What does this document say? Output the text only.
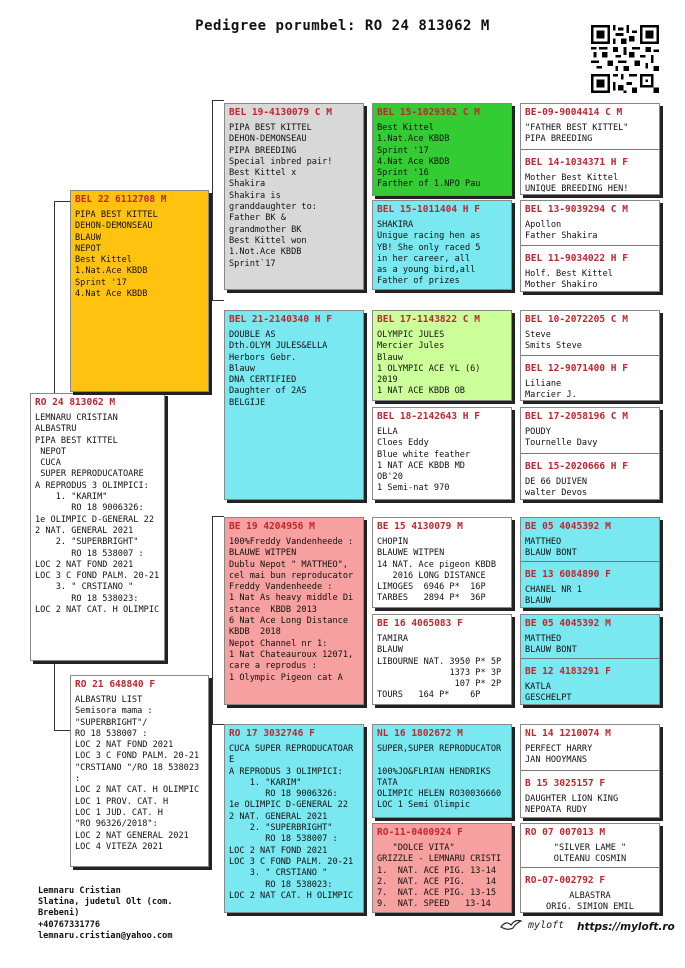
Pedigree porumbel: RO 24 813062 M
RO 24 813062 M
LEMNARU CRISTIAN
ALBASTRU
PIPA BEST KITTEL
NEPOT
CUCA
SUPER REPRODUCATOARE
A REPRODUS 3 OLIMPICI:
1. "KARIM"
RO 18 9006326:
1e OLIMPIC D-GENERAL 22
2 NAT. GENERAL 2021
2. "SUPERBRIGHT"
RO 18 538007 :
LOC 2 NAT FOND 2021
LOC 3 C FOND PALM. 20-21
3. " CRSTIANO "
RO 18 538023:
LOC 2 NAT CAT. H OLIMPIC
BEL 22 6112708 M
PIPA BEST KITTEL
DEHON-DEMONSEAU
BLAUW
NEPOT
Best Kittel
1.Nat.Ace KBDB
Sprint '17
4.Nat Ace KBDB
RO 21 648840 F
ALBASTRU LIST
Semisora mama :
"SUPERBRIGHT"/
RO 18 538007 :
LOC 2 NAT FOND 2021
LOC 3 C FOND PALM. 20-21
"CRSTIANO "/RO 18 538023
:
LOC 2 NAT CAT. H OLIMPIC
LOC 1 PROV. CAT. H
LOC 1 JUD. CAT. H
"RO 96326/2018":
LOC 2 NAT GENERAL 2021
LOC 4 VITEZA 2021
BEL 19-4130079 C M
PIPA BEST KITTEL
DEHON-DEMONSEAU
PIPA BREEDING
Special inbred pair!
Best Kittel x
Shakira
Shakira is
granddaughter to:
Father BK &
grandmother BK
Best Kittel won
1.Not.Ace KBDB
Sprint`17
BEL 21-2140340 H F
DOUBLE AS
Dth.OLYM JULES&ELLA
Herbors Gebr.
Blauw
DNA CERTIFIED
Daughter of 2AS
BELGIJE
BE 19 4204956 M
100%Freddy Vandenheede :
BLAUWE WITPEN
Dublu Nepot " MATTHEO",
cel mai bun reproducator
Freddy Vandenheede :
1 Nat As heavy middle Di
stance  KBDB 2013
6 Nat Ace Long Distance
KBDB  2018
Nepot Channel nr 1:
1 Nat Chateauroux 12071,
care a reprodus :
1 Olympic Pigeon cat A
RO 17 3032746 F
CUCA SUPER REPRODUCATOAR
E
A REPRODUS 3 OLIMPICI:
1. "KARIM"
RO 18 9006326:
1e OLIMPIC D-GENERAL 22
2 NAT. GENERAL 2021
2. "SUPERBRIGHT"
RO 18 538007 :
LOC 2 NAT FOND 2021
LOC 3 C FOND PALM. 20-21
3. " CRSTIANO "
RO 18 538023:
LOC 2 NAT CAT. H OLIMPIC
BEL 15-1029362 C M
Best Kittel
1.Nat.Ace KBDB
Sprint '17
4.Nat Ace KBDB
Sprint '16
Farther of 1.NPO Pau
BEL 15-1011404 H F
SHAKIRA
Unigue racing hen as
YB! She only raced 5
in her career, all
as a young bird,all
Father of prizes
BEL 17-1143822 C M
OLYMPIC JULES
Mercier Jules
Blauw
1 OLYMPIC ACE YL (6)
2019
1 NAT ACE KBDB OB
BEL 18-2142643 H F
ELLA
Cloes Eddy
Blue white feather
1 NAT ACE KBDB MD
OB'20
1 Semi-nat 970
BE 15 4130079 M
CHOPIN
BLAUWE WITPEN
14 NAT. Ace pigeon KBDB
2016 LONG DISTANCE
LIMOGES  6946 P*  16P
TARBES   2894 P*  36P
BE 16 4065083 F
TAMIRA
BLAUW
LIBOURNE NAT. 3950 P* 5P
1373 P* 3P
107 P* 2P
TOURS   164 P*    6P
NL 16 1802672 M
SUPER,SUPER REPRODUCATOR

100%JO&FLRIAN HENDRIKS
TATA
OLIMPIC HELEN RO30036660
LOC 1 Semi Olimpic
RO-11-0400924 F
"DOLCE VITA"
GRIZZLE - LEMNARU CRISTI
1.  NAT. ACE PIG. 13-14
2.  NAT. ACE PIG.    14
7.  NAT. ACE PIG. 13-15
9.  NAT. SPEED   13-14
BE-09-9004414 C M
"FATHER BEST KITTEL"
PIPA BREEDING
BEL 14-1034371 H F
Mother Best Kittel
UNIQUE BREEDING HEN!
BEL 13-9039294 C M
Apollon
Father Shakira
BEL 11-9034022 H F
Holf. Best Kittel
Mother Shakiro
BEL 10-2072205 C M
Steve
Smits Steve
BEL 12-9071400 H F
Liliane
Marcier J.
BEL 17-2058196 C M
POUDY
Tournelle Davy
BEL 15-2020666 H F
DE 66 DUIVEN
walter Devos
BE 05 4045392 M
MATTHEO
BLAUW BONT
BE 13 6084890 F
CHANEL NR 1
BLAUW
BE 05 4045392 M
MATTHEO
BLAUW BONT
BE 12 4183291 F
KATLA
GESCHELPT
NL 14 1210074 M
PERFECT HARRY
JAN HOOYMANS
B 15 3025157 F
DAUGHTER LION KING
NEPOATA RUDY
RO 07 007013 M
"SILVER LAME "
OLTEANU COSMIN
RO-07-002792 F
ALBASTRA
ORIG. SIMION EMIL
Lemnaru Cristian
Slatina, judetul Olt (com.
Brebeni)
+40767331776
lemnaru.cristian@yahoo.com
myloft https://myloft.ro
